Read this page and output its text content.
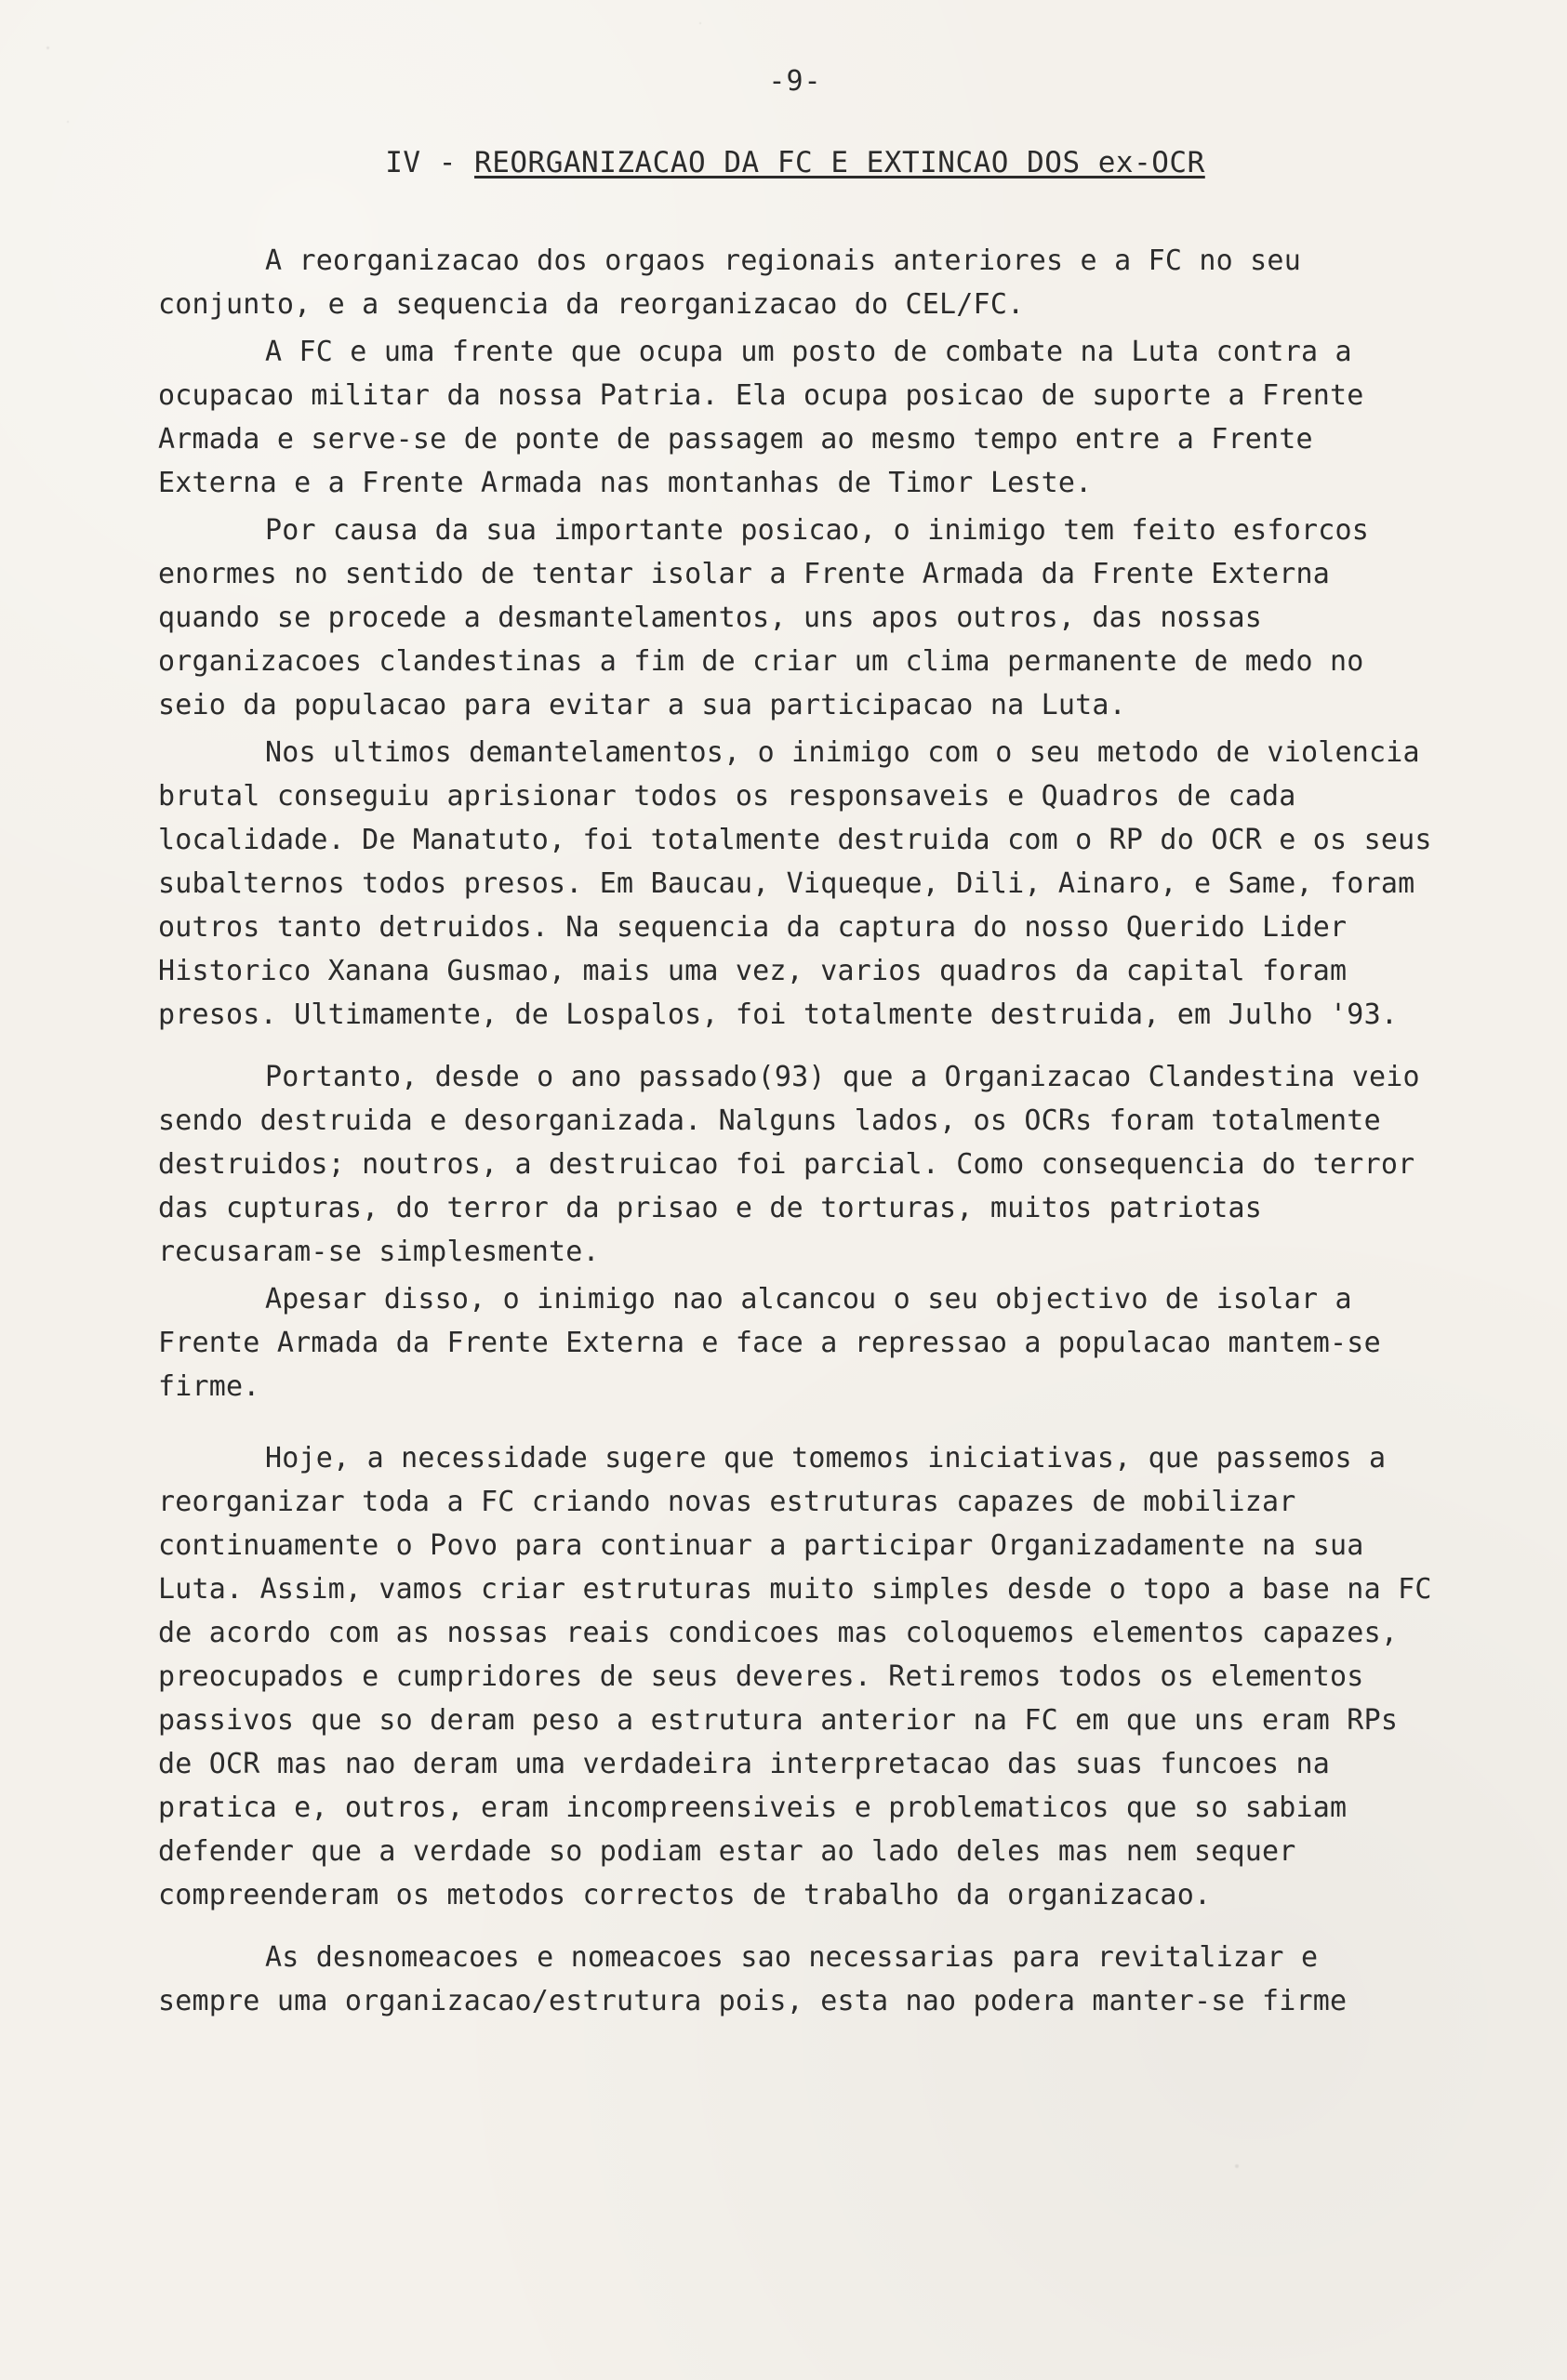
-9-
IV - REORGANIZACAO DA FC E EXTINCAO DOS ex-OCR

A reorganizacao dos orgaos regionais anteriores e a FC no seu conjunto, e a sequencia da reorganizacao do CEL/FC.

A FC e uma frente que ocupa um posto de combate na Luta contra a ocupacao militar da nossa Patria. Ela ocupa posicao de suporte a Frente Armada e serve-se de ponte de passagem ao mesmo tempo entre a Frente Externa e a Frente Armada nas montanhas de Timor Leste.

Por causa da sua importante posicao, o inimigo tem feito esforcos enormes no sentido de tentar isolar a Frente Armada da Frente Externa quando se procede a desmantelamentos, uns apos outros, das nossas organizacoes clandestinas a fim de criar um clima permanente de medo no seio da populacao para evitar a sua participacao na Luta.

Nos ultimos demantelamentos, o inimigo com o seu metodo de violencia brutal conseguiu aprisionar todos os responsaveis e Quadros de cada localidade. De Manatuto, foi totalmente destruida com o RP do OCR e os seus subalternos todos presos. Em Baucau, Viqueque, Dili, Ainaro, e Same, foram outros tanto detruidos. Na sequencia da captura do nosso Querido Lider Historico Xanana Gusmao, mais uma vez, varios quadros da capital foram presos. Ultimamente, de Lospalos, foi totalmente destruida, em Julho '93.

Portanto, desde o ano passado(93) que a Organizacao Clandestina veio sendo destruida e desorganizada. Nalguns lados, os OCRs foram totalmente destruidos; noutros, a destruicao foi parcial. Como consequencia do terror das cupturas, do terror da prisao e de torturas, muitos patriotas recusaram-se simplesmente.

Apesar disso, o inimigo nao alcancou o seu objectivo de isolar a Frente Armada da Frente Externa e face a repressao a populacao mantem-se firme.

Hoje, a necessidade sugere que tomemos iniciativas, que passemos a reorganizar toda a FC criando novas estruturas capazes de mobilizar continuamente o Povo para continuar a participar Organizadamente na sua Luta. Assim, vamos criar estruturas muito simples desde o topo a base na FC de acordo com as nossas reais condicoes mas coloquemos elementos capazes, preocupados e cumpridores de seus deveres. Retiremos todos os elementos passivos que so deram peso a estrutura anterior na FC em que uns eram RPs de OCR mas nao deram uma verdadeira interpretacao das suas funcoes na pratica e, outros, eram incompreensiveis e problematicos que so sabiam defender que a verdade so podiam estar ao lado deles mas nem sequer compreenderam os metodos correctos de trabalho da organizacao.

As desnomeacoes e nomeacoes sao necessarias para revitalizar e sempre uma organizacao/estrutura pois, esta nao podera manter-se firme
